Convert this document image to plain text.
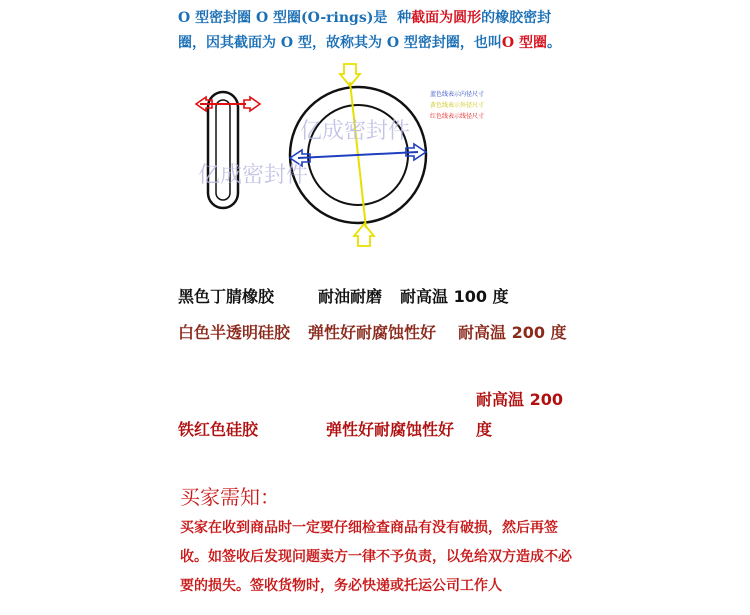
O 型密封圈 O 型圈(O-rings)是 种截面为圆形的橡胶密封圈，因其截面为 O 型，故称其为 O 型密封圈，也叫O 型圈。
亿成密封件
亿成密封件
蓝色线表示内径尺寸
黄色线表示外径尺寸
红色线表示线径尺寸
黑色丁腈橡胶	耐油耐磨 耐高温 100 度
白色半透明硅胶 弹性好耐腐蚀性好 耐高温 200 度
铁红色硅胶	弹性好耐腐蚀性好耐高温 200 度
买家需知：
买家在收到商品时一定要仔细检查商品有没有破损，然后再签收。如签收后发现问题卖方一律不予负责，以免给双方造成不必要的损失。签收货物时，务必快递或托运公司工作人
